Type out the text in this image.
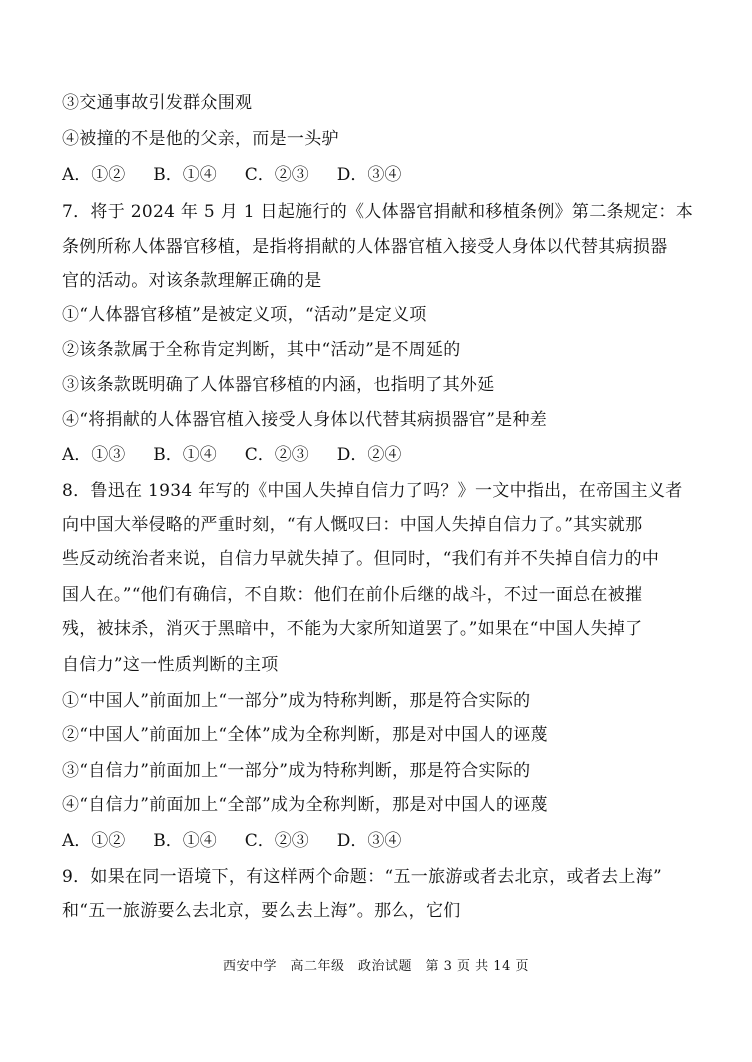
③交通事故引发群众围观
④被撞的不是他的父亲，而是一头驴
A．①② B．①④ C．②③ D．③④
7．将于 2024 年 5 月 1 日起施行的《人体器官捐献和移植条例》第二条规定：本
条例所称人体器官移植，是指将捐献的人体器官植入接受人身体以代替其病损器
官的活动。对该条款理解正确的是
①“人体器官移植”是被定义项，“活动”是定义项
②该条款属于全称肯定判断，其中“活动”是不周延的
③该条款既明确了人体器官移植的内涵，也指明了其外延
④“将捐献的人体器官植入接受人身体以代替其病损器官”是种差
A．①③ B．①④ C．②③ D．②④
8．鲁迅在 1934 年写的《中国人失掉自信力了吗？》一文中指出，在帝国主义者
向中国大举侵略的严重时刻，“有人慨叹曰：中国人失掉自信力了。”其实就那
些反动统治者来说，自信力早就失掉了。但同时，“我们有并不失掉自信力的中
国人在。”“他们有确信，不自欺：他们在前仆后继的战斗，不过一面总在被摧
残，被抹杀，消灭于黑暗中，不能为大家所知道罢了。”如果在“中国人失掉了
自信力”这一性质判断的主项
①“中国人”前面加上“一部分”成为特称判断，那是符合实际的
②“中国人”前面加上“全体”成为全称判断，那是对中国人的诬蔑
③“自信力”前面加上“一部分”成为特称判断，那是符合实际的
④“自信力”前面加上“全部”成为全称判断，那是对中国人的诬蔑
A．①② B．①④ C．②③ D．③④
9．如果在同一语境下，有这样两个命题：“五一旅游或者去北京，或者去上海”
和“五一旅游要么去北京，要么去上海”。那么，它们
西安中学　高二年级　政治试题　第 3 页 共 14 页
